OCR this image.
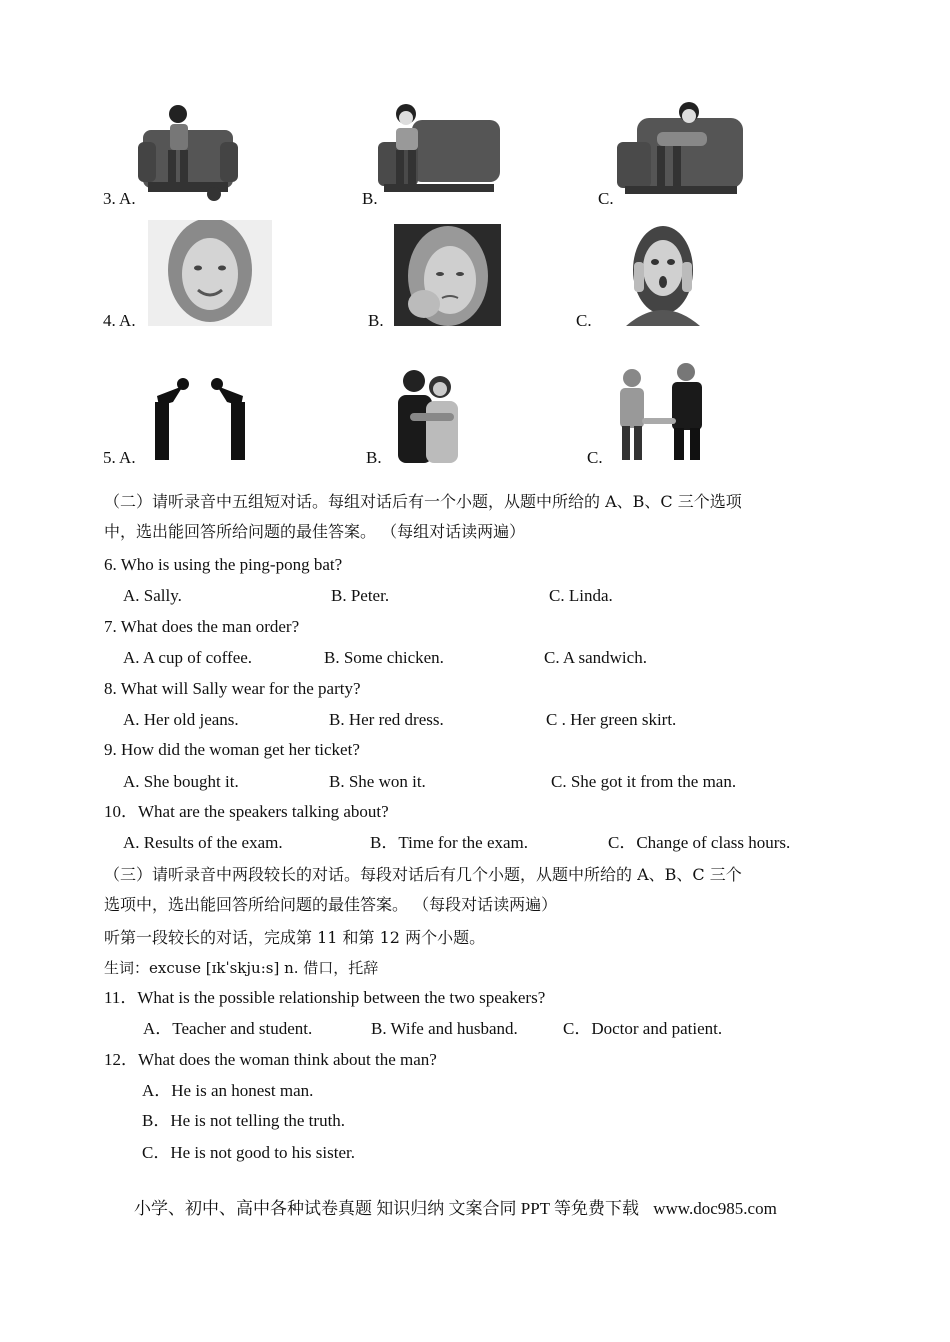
3. A.	B.	C.
4. A.	B.	C.
5. A.	B.	C.
（二）请听录音中五组短对话。每组对话后有一个小题，从题中所给的 A、B、C 三个选项
中，选出能回答所给问题的最佳答案。 （每组对话读两遍）
6. Who is using the ping-pong bat?
A. Sally.	B. Peter.	C. Linda.
7. What does the man order?
A. A cup of coffee.	B. Some chicken.	C. A sandwich.
8. What will Sally wear for the party?
A. Her old jeans.	B. Her red dress.	C . Her green skirt.
9. How did the woman get her ticket?
A. She bought it.	B. She won it.	C. She got it from the man.
10．What are the speakers talking about?
A. Results of the exam.	B．Time for the exam.	C．Change of class hours.
（三）请听录音中两段较长的对话。每段对话后有几个小题，从题中所给的 A、B、C 三个
选项中，选出能回答所给问题的最佳答案。 （每段对话读两遍）
听第一段较长的对话，完成第 11 和第 12 两个小题。
生词：excuse [ɪkˈskju:s] n. 借口，托辞
11．What is the possible relationship between the two speakers?
A．Teacher and student.	B. Wife and husband.	C．Doctor and patient.
12．What does the woman think about the man?
A．He is an honest man.
B．He is not telling the truth.
C．He is not good to his sister.
小学、初中、高中各种试卷真题 知识归纳 文案合同 PPT 等免费下载 www.doc985.com
